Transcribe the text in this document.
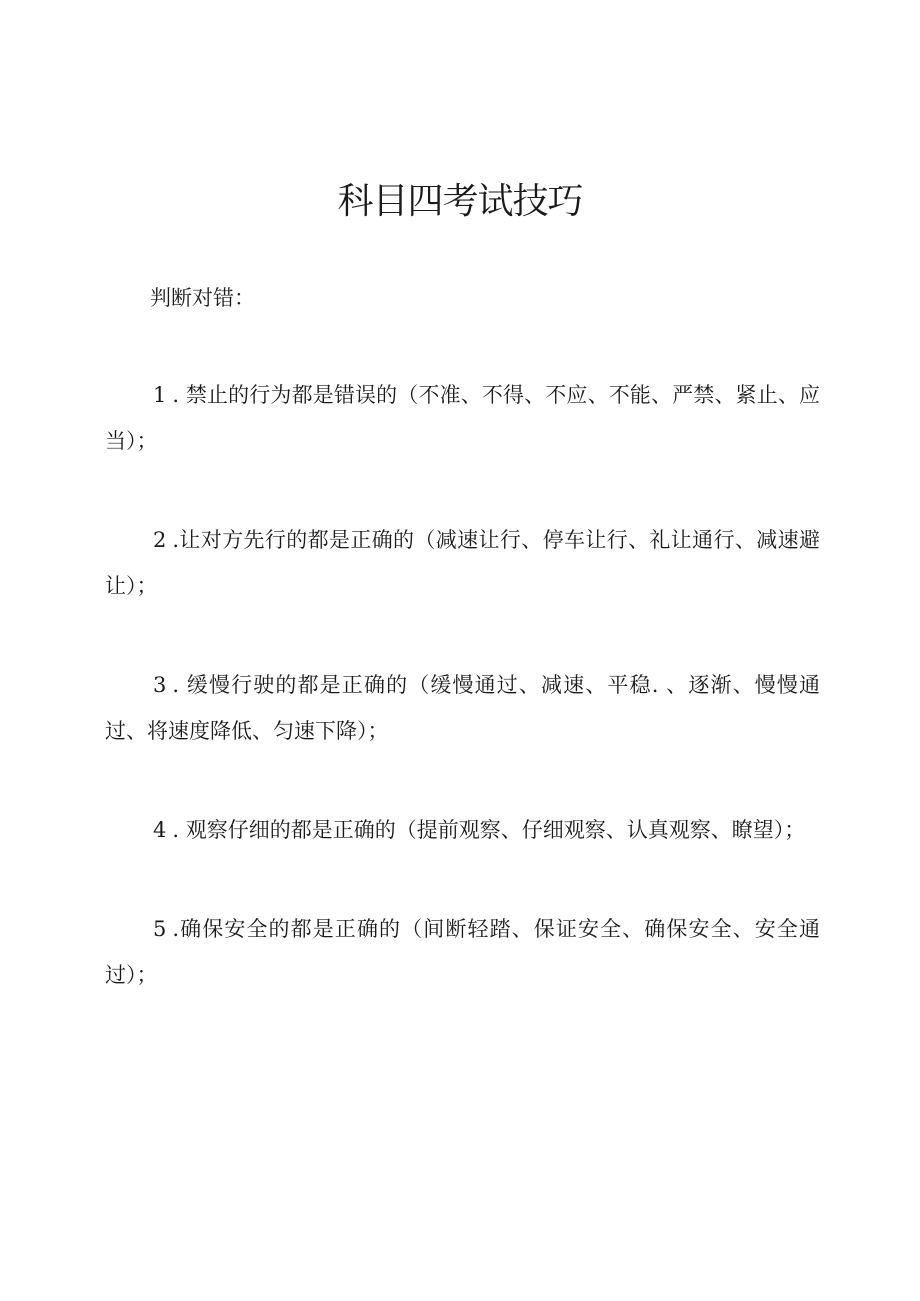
科目四考试技巧

判断对错：

1 . 禁止的行为都是错误的（不准、不得、不应、不能、严禁、紧止、应当）；
2 .让对方先行的都是正确的（减速让行、停车让行、礼让通行、减速避让）；
3 . 缓慢行驶的都是正确的（缓慢通过、减速、平稳. 、逐渐、慢慢通过、将速度降低、匀速下降）；
4 . 观察仔细的都是正确的（提前观察、仔细观察、认真观察、瞭望）；
5 .确保安全的都是正确的（间断轻踏、保证安全、确保安全、安全通过）；
